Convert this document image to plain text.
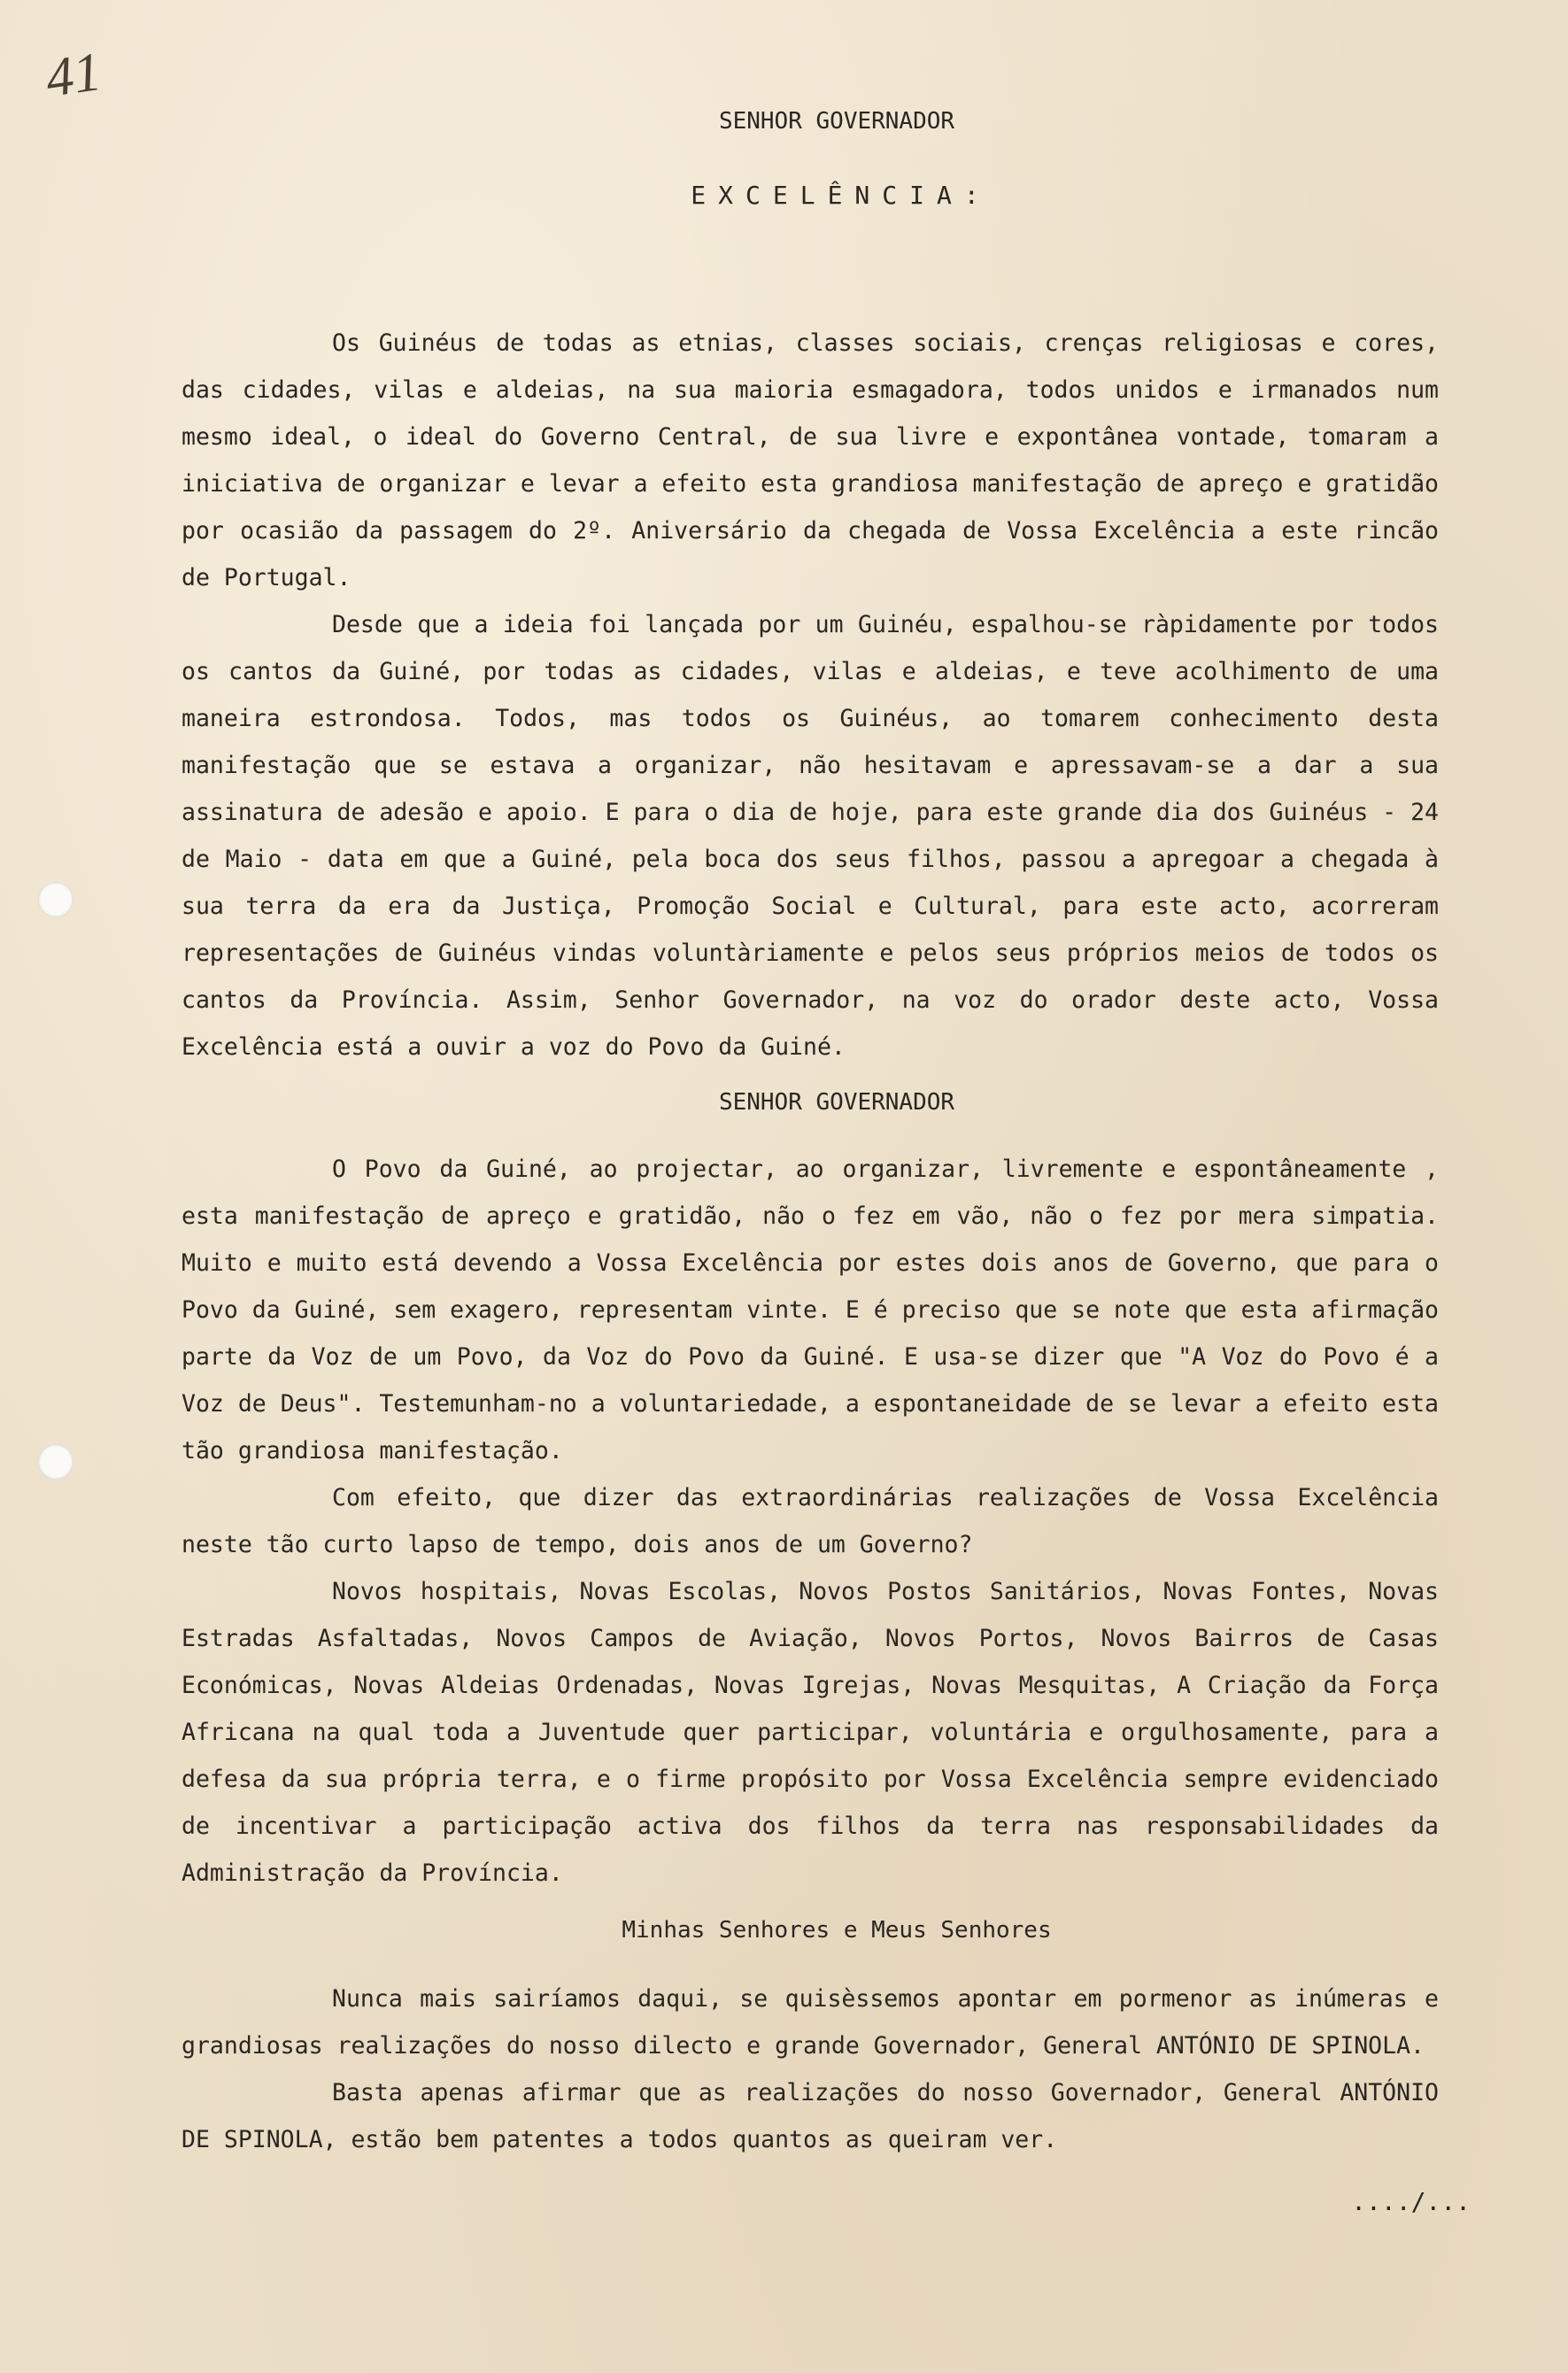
41

SENHOR GOVERNADOR

EXCELÊNCIA:

Os Guinéus de todas as etnias, classes sociais, crenças religiosas e cores, das cidades, vilas e aldeias, na sua maioria esmagadora, todos unidos e irmanados num mesmo ideal, o ideal do Governo Central, de sua livre e expontânea vontade, tomaram a iniciativa de organizar e levar a efeito esta grandiosa manifestação de apreço e gratidão por ocasião da passagem do 2º. Aniversário da chegada de Vossa Excelência a este rincão de Portugal.

Desde que a ideia foi lançada por um Guinéu, espalhou-se ràpidamente por todos os cantos da Guiné, por todas as cidades, vilas e aldeias, e teve acolhimento de uma maneira estrondosa. Todos, mas todos os Guinéus, ao tomarem conhecimento desta manifestação que se estava a organizar, não hesitavam e apressavam-se a dar a sua assinatura de adesão e apoio. E para o dia de hoje, para este grande dia dos Guinéus - 24 de Maio - data em que a Guiné, pela boca dos seus filhos, passou a apregoar a chegada à sua terra da era da Justiça, Promoção Social e Cultural, para este acto, acorreram representações de Guinéus vindas voluntàriamente e pelos seus próprios meios de todos os cantos da Província. Assim, Senhor Governador, na voz do orador deste acto, Vossa Excelência está a ouvir a voz do Povo da Guiné.

SENHOR GOVERNADOR

O Povo da Guiné, ao projectar, ao organizar, livremente e espontâneamente , esta manifestação de apreço e gratidão, não o fez em vão, não o fez por mera simpatia. Muito e muito está devendo a Vossa Excelência por estes dois anos de Governo, que para o Povo da Guiné, sem exagero, representam vinte. E é preciso que se note que esta afirmação parte da Voz de um Povo, da Voz do Povo da Guiné. E usa-se dizer que "A Voz do Povo é a Voz de Deus". Testemunham-no a voluntariedade, a espontaneidade de se levar a efeito esta tão grandiosa manifestação.

Com efeito, que dizer das extraordinárias realizações de Vossa Excelência neste tão curto lapso de tempo, dois anos de um Governo?

Novos hospitais, Novas Escolas, Novos Postos Sanitários, Novas Fontes, Novas Estradas Asfaltadas, Novos Campos de Aviação, Novos Portos, Novos Bairros de Casas Económicas, Novas Aldeias Ordenadas, Novas Igrejas, Novas Mesquitas, A Criação da Força Africana na qual toda a Juventude quer participar, voluntária e orgulhosamente, para a defesa da sua própria terra, e o firme propósito por Vossa Excelência sempre evidenciado de incentivar a participação activa dos filhos da terra nas responsabilidades da Administração da Província.

Minhas Senhores e Meus Senhores

Nunca mais sairíamos daqui, se quisèssemos apontar em pormenor as inúmeras e grandiosas realizações do nosso dilecto e grande Governador, General ANTÓNIO DE SPINOLA.

Basta apenas afirmar que as realizações do nosso Governador, General ANTÓNIO DE SPINOLA, estão bem patentes a todos quantos as queiram ver.

..../...
